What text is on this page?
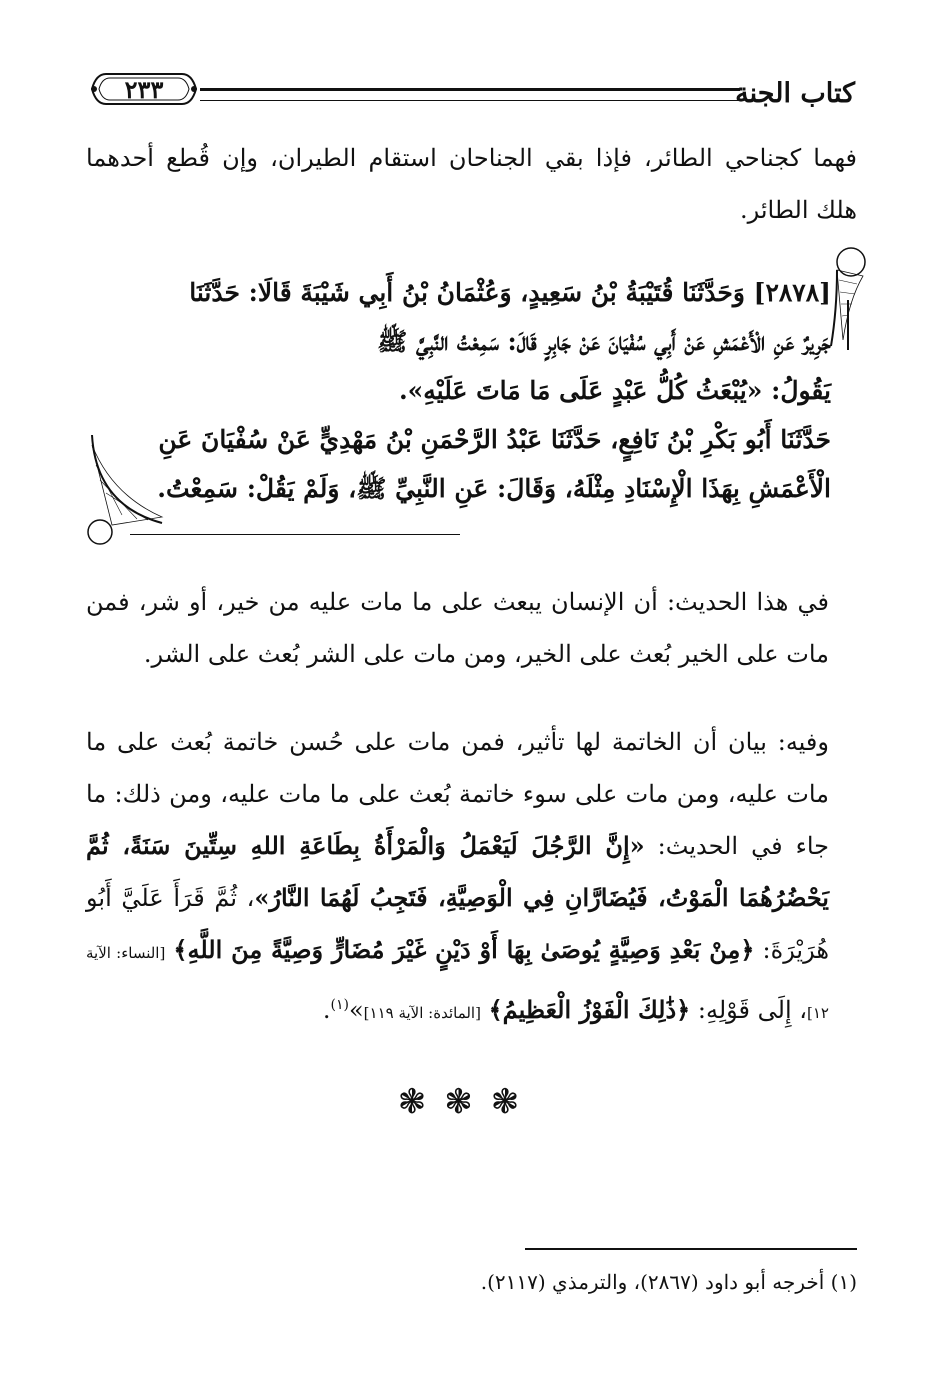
كتاب الجنة
٢٣٣
فهما كجناحي الطائر، فإذا بقي الجناحان استقام الطيران، وإن قُطع أحدهما هلك الطائر.
[٢٨٧٨] وَحَدَّثَنَا قُتَيْبَةُ بْنُ سَعِيدٍ، وَعُثْمَانُ بْنُ أَبِي شَيْبَةَ قَالَا: حَدَّثَنَا
جَرِيرٌ عَنِ الْأَعْمَشِ عَنْ أَبِي سُفْيَانَ عَنْ جَابِرٍ قَالَ: سَمِعْتُ النَّبِيَّ ﷺ
يَقُولُ: «يُبْعَثُ كُلُّ عَبْدٍ عَلَى مَا مَاتَ عَلَيْهِ».
حَدَّثَنَا أَبُو بَكْرِ بْنُ نَافِعٍ، حَدَّثَنَا عَبْدُ الرَّحْمَنِ بْنُ مَهْدِيٍّ عَنْ سُفْيَانَ عَنِ
الْأَعْمَشِ بِهَذَا الْإِسْنَادِ مِثْلَهُ، وَقَالَ: عَنِ النَّبِيِّ ﷺ، وَلَمْ يَقُلْ: سَمِعْتُ.
في هذا الحديث: أن الإنسان يبعث على ما مات عليه من خير، أو شر، فمن مات على الخير بُعث على الخير، ومن مات على الشر بُعث على الشر.
وفيه: بيان أن الخاتمة لها تأثير، فمن مات على حُسن خاتمة بُعث على ما مات عليه، ومن مات على سوء خاتمة بُعث على ما مات عليه، ومن ذلك: ما جاء في الحديث: «إِنَّ الرَّجُلَ لَيَعْمَلُ وَالْمَرْأَةُ بِطَاعَةِ اللهِ سِتِّينَ سَنَةً، ثُمَّ يَحْضُرُهُمَا الْمَوْتُ، فَيُضَارَّانِ فِي الْوَصِيَّةِ، فَتَجِبُ لَهُمَا النَّارُ»، ثُمَّ قَرَأَ عَلَيَّ أَبُو هُرَيْرَةَ: ﴿مِنْ بَعْدِ وَصِيَّةٍ يُوصَىٰ بِهَا أَوْ دَيْنٍ غَيْرَ مُضَارٍّ وَصِيَّةً مِنَ اللَّهِ﴾ [النساء: الآية ١٢]، إِلَى قَوْلِهِ: ﴿ذَٰلِكَ الْفَوْزُ الْعَظِيمُ﴾ [المائدة: الآية ١١٩]»$^{(١)}$.
❃❃❃
(١) أخرجه أبو داود (٢٨٦٧)، والترمذي (٢١١٧).
